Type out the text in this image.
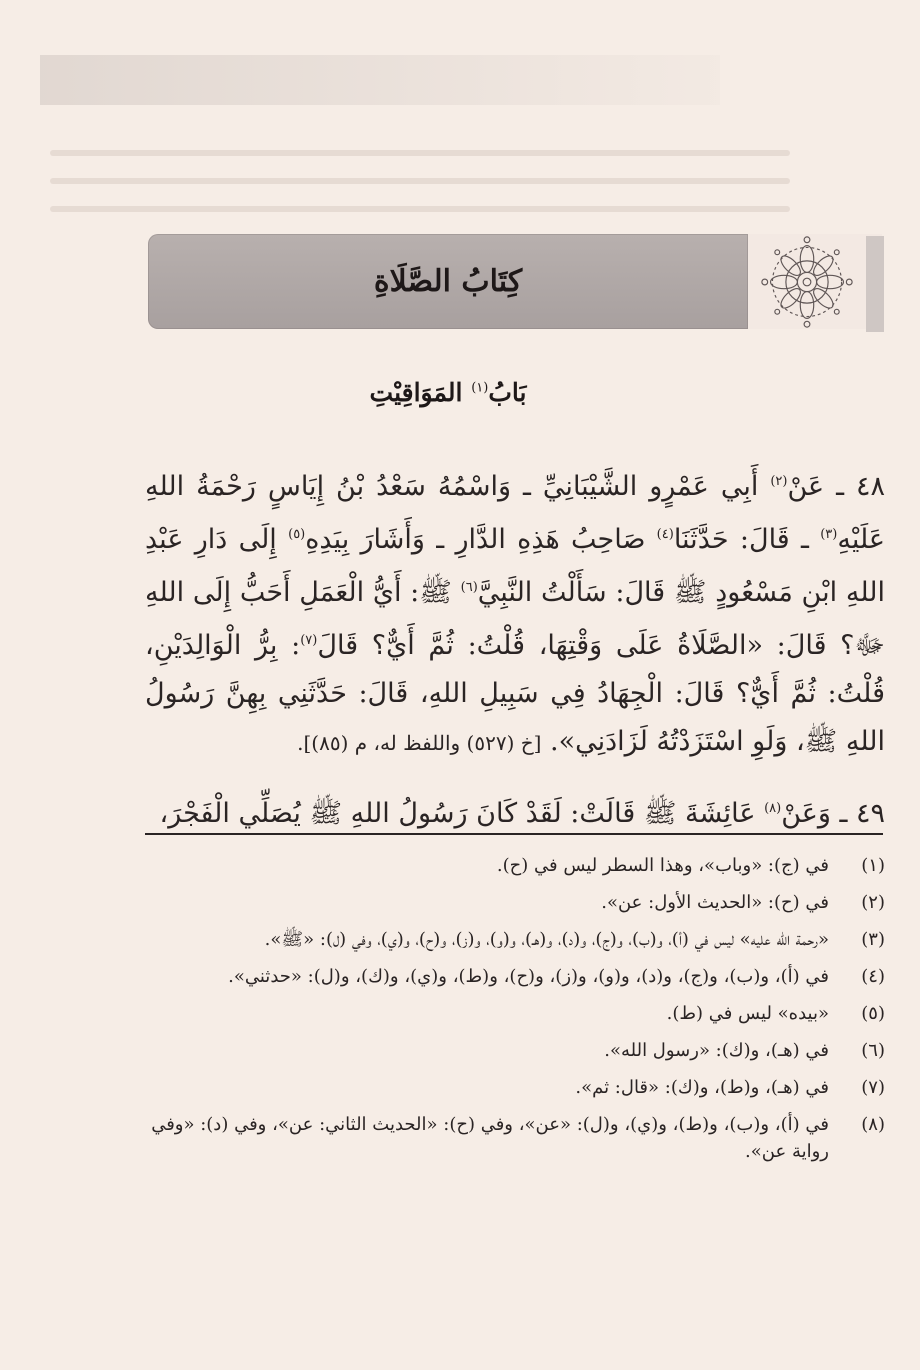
كِتَابُ الصَّلَاةِ
بَابُ$^{(١)}$ المَوَاقِيْتِ

٤٨ ـ عَنْ$^{(٢)}$ أَبِي عَمْرٍو الشَّيْبَانِيِّ ـ وَاسْمُهُ سَعْدُ بْنُ إِيَاسٍ رَحْمَةُ اللهِ عَلَيْهِ$^{(٣)}$ ـ قَالَ: حَدَّثَنَا$^{(٤)}$ صَاحِبُ هَذِهِ الدَّارِ ـ وَأَشَارَ بِيَدِهِ$^{(٥)}$ إِلَى دَارِ عَبْدِ اللهِ ابْنِ مَسْعُودٍ ﷺ قَالَ: سَأَلْتُ النَّبِيَّ$^{(٦)}$ ﷺ: أَيُّ الْعَمَلِ أَحَبُّ إِلَى اللهِ ﷻ؟ قَالَ: «الصَّلَاةُ عَلَى وَقْتِهَا، قُلْتُ: ثُمَّ أَيٌّ؟ قَالَ$^{(٧)}$: بِرُّ الْوَالِدَيْنِ، قُلْتُ: ثُمَّ أَيٌّ؟ قَالَ: الْجِهَادُ فِي سَبِيلِ اللهِ، قَالَ: حَدَّثَنِي بِهِنَّ رَسُولُ اللهِ ﷺ، وَلَوِ اسْتَزَدْتُهُ لَزَادَنِي». [خ (٥٢٧) واللفظ له، م (٨٥)].

٤٩ ـ وَعَنْ$^{(٨)}$ عَائِشَةَ ﷺ قَالَتْ: لَقَدْ كَانَ رَسُولُ اللهِ ﷺ يُصَلِّي الْفَجْرَ،

(١)
في (ج): «وباب»، وهذا السطر ليس في (ح).
(٢)
في (ح): «الحديث الأول: عن».
(٣)
«رحمة الله عليه» ليس في (أ)، و(ب)، و(ج)، و(د)، و(هـ)، و(و)، و(ز)، و(ح)، و(ي)، وفي (ل): «ﷺ».
(٤)
في (أ)، و(ب)، و(ج)، و(د)، و(و)، و(ز)، و(ح)، و(ط)، و(ي)، و(ك)، و(ل): «حدثني».
(٥)
«بيده» ليس في (ط).
(٦)
في (هـ)، و(ك): «رسول الله».
(٧)
في (هـ)، و(ط)، و(ك): «قال: ثم».
(٨)
في (أ)، و(ب)، و(ط)، و(ي)، و(ل): «عن»، وفي (ح): «الحديث الثاني: عن»، وفي (د): «وفي رواية عن».
